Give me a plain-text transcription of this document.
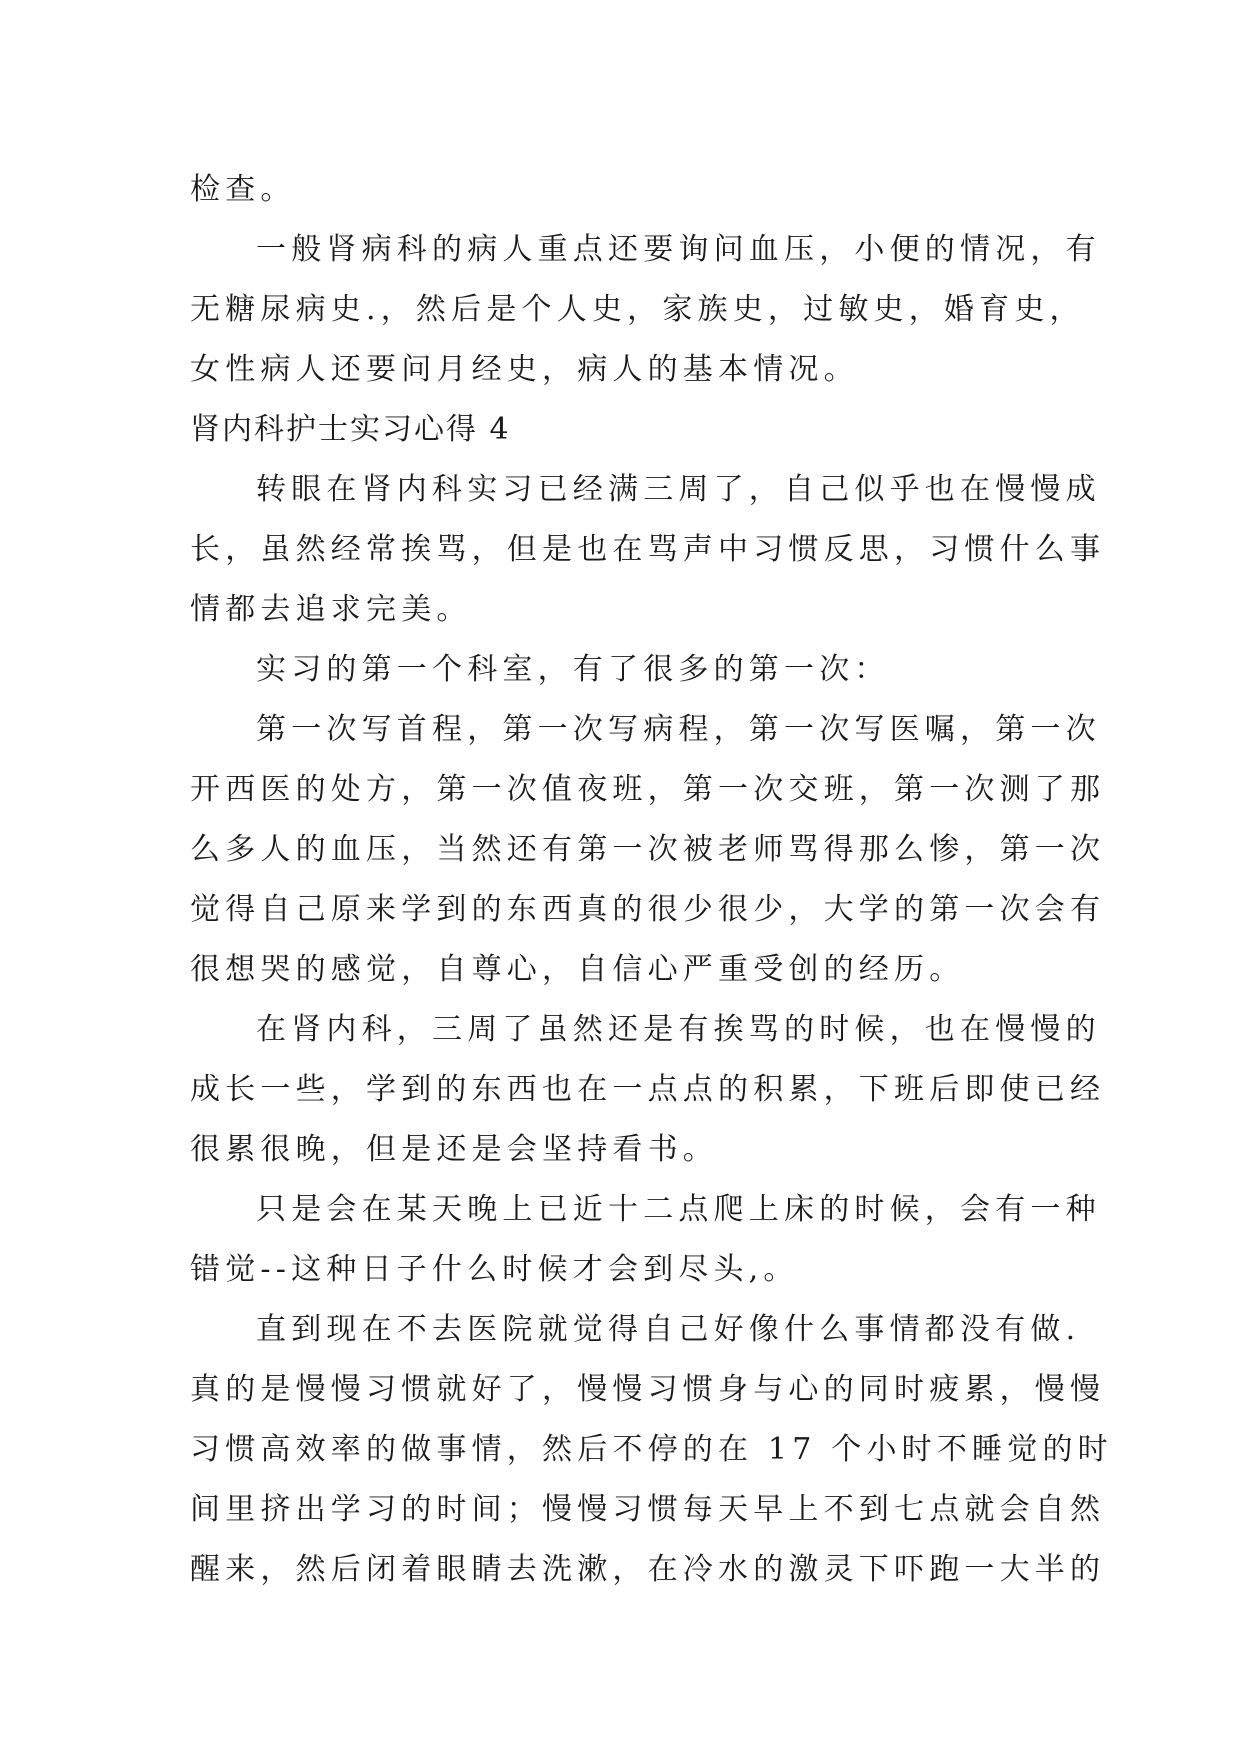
检查。
一般肾病科的病人重点还要询问血压，小便的情况，有
无糖尿病史.，然后是个人史，家族史，过敏史，婚育史，
女性病人还要问月经史，病人的基本情况。
肾内科护士实习心得 4
转眼在肾内科实习已经满三周了，自己似乎也在慢慢成
长，虽然经常挨骂，但是也在骂声中习惯反思，习惯什么事
情都去追求完美。
实习的第一个科室，有了很多的第一次：
第一次写首程，第一次写病程，第一次写医嘱，第一次
开西医的处方，第一次值夜班，第一次交班，第一次测了那
么多人的血压，当然还有第一次被老师骂得那么惨，第一次
觉得自己原来学到的东西真的很少很少，大学的第一次会有
很想哭的感觉，自尊心，自信心严重受创的经历。
在肾内科，三周了虽然还是有挨骂的时候，也在慢慢的
成长一些，学到的东西也在一点点的积累，下班后即使已经
很累很晚，但是还是会坚持看书。
只是会在某天晚上已近十二点爬上床的时候，会有一种
错觉--这种日子什么时候才会到尽头,。
直到现在不去医院就觉得自己好像什么事情都没有做.
真的是慢慢习惯就好了，慢慢习惯身与心的同时疲累，慢慢
习惯高效率的做事情，然后不停的在 17 个小时不睡觉的时
间里挤出学习的时间；慢慢习惯每天早上不到七点就会自然
醒来，然后闭着眼睛去洗漱，在冷水的激灵下吓跑一大半的
